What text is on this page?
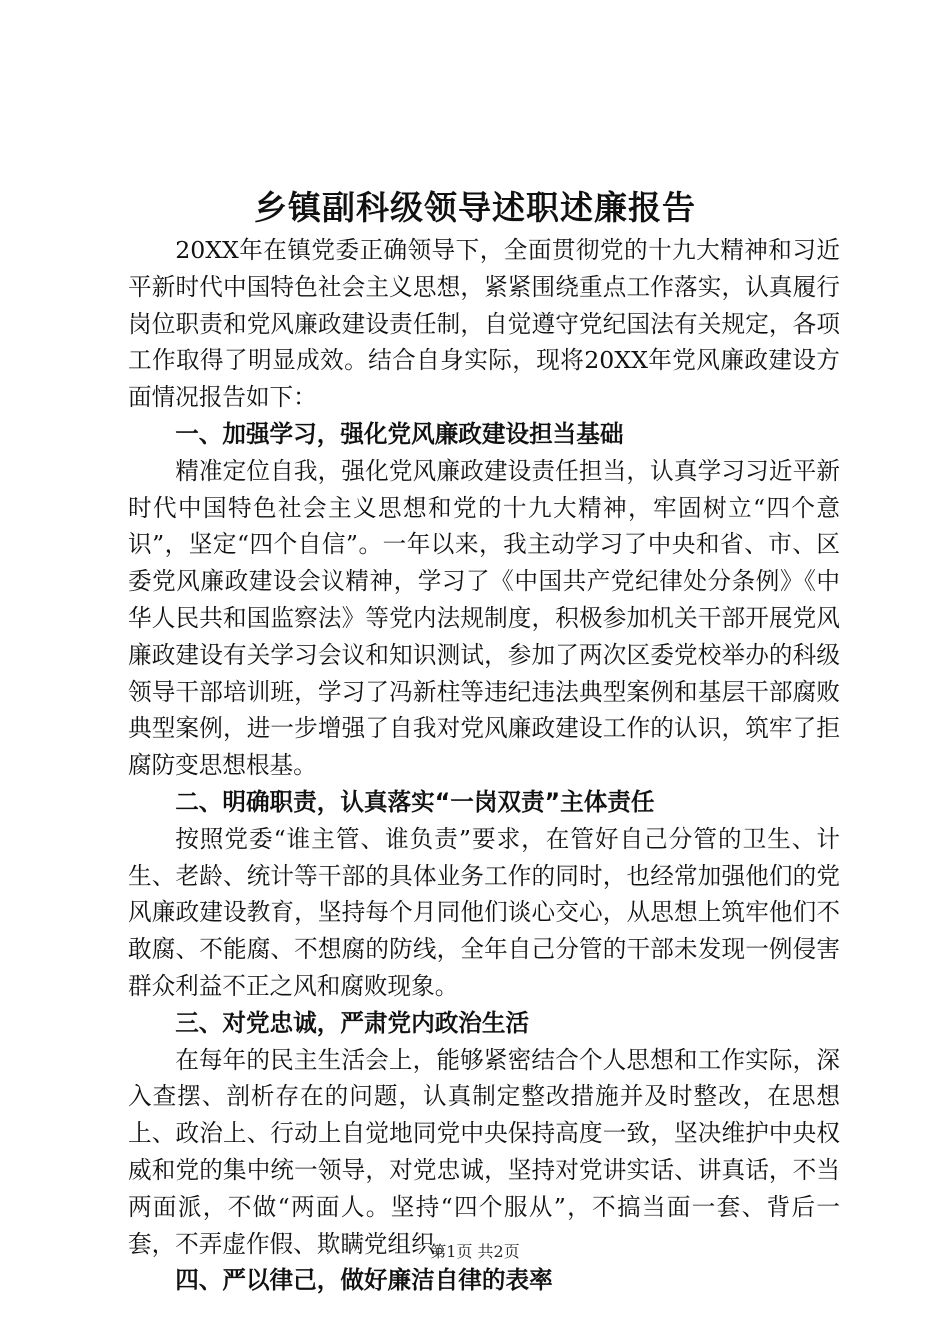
乡镇副科级领导述职述廉报告

20XX年在镇党委正确领导下，全面贯彻党的十九大精神和习近平新时代中国特色社会主义思想，紧紧围绕重点工作落实，认真履行岗位职责和党风廉政建设责任制，自觉遵守党纪国法有关规定，各项工作取得了明显成效。结合自身实际，现将20XX年党风廉政建设方面情况报告如下：

一、加强学习，强化党风廉政建设担当基础

精准定位自我，强化党风廉政建设责任担当，认真学习习近平新时代中国特色社会主义思想和党的十九大精神，牢固树立“四个意识”，坚定“四个自信”。一年以来，我主动学习了中央和省、市、区委党风廉政建设会议精神，学习了《中国共产党纪律处分条例》《中华人民共和国监察法》等党内法规制度，积极参加机关干部开展党风廉政建设有关学习会议和知识测试，参加了两次区委党校举办的科级领导干部培训班，学习了冯新柱等违纪违法典型案例和基层干部腐败典型案例，进一步增强了自我对党风廉政建设工作的认识，筑牢了拒腐防变思想根基。

二、明确职责，认真落实“一岗双责”主体责任

按照党委“谁主管、谁负责”要求，在管好自己分管的卫生、计生、老龄、统计等干部的具体业务工作的同时，也经常加强他们的党风廉政建设教育，坚持每个月同他们谈心交心，从思想上筑牢他们不敢腐、不能腐、不想腐的防线，全年自己分管的干部未发现一例侵害群众利益不正之风和腐败现象。

三、对党忠诚，严肃党内政治生活

在每年的民主生活会上，能够紧密结合个人思想和工作实际，深入查摆、剖析存在的问题，认真制定整改措施并及时整改，在思想上、政治上、行动上自觉地同党中央保持高度一致，坚决维护中央权威和党的集中统一领导，对党忠诚，坚持对党讲实话、讲真话，不当两面派，不做“两面人。坚持“四个服从”，不搞当面一套、背后一套，不弄虚作假、欺瞒党组织。

四、严以律己，做好廉洁自律的表率
第1页 共2页
